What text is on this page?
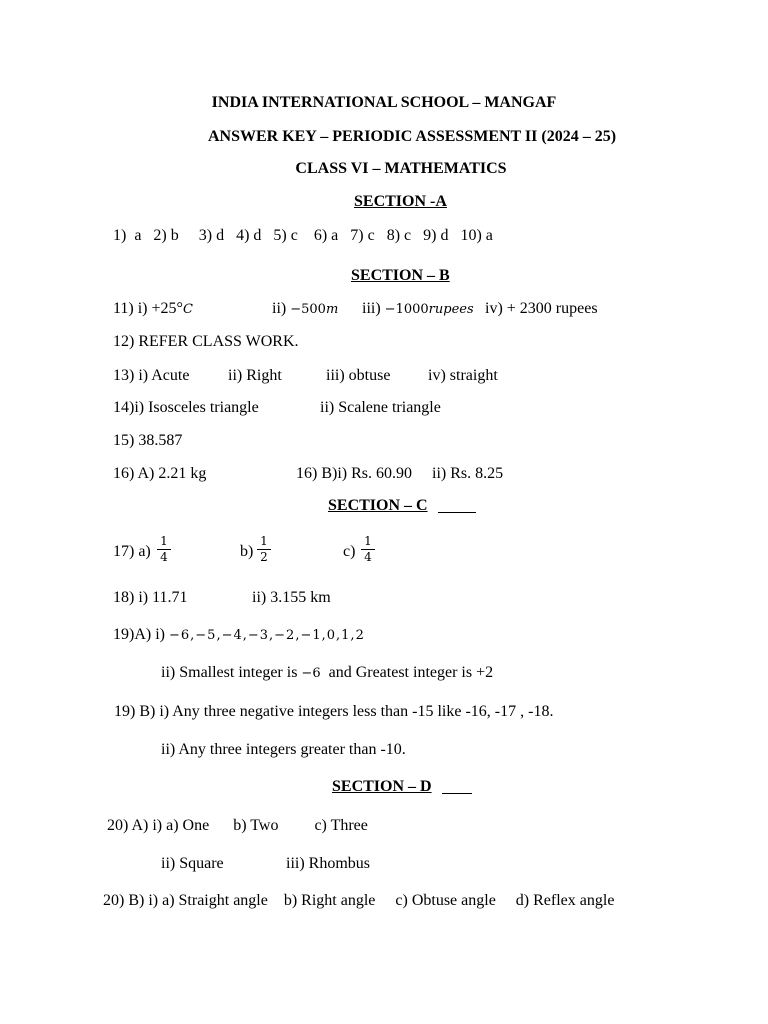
INDIA INTERNATIONAL SCHOOL – MANGAF
ANSWER KEY – PERIODIC ASSESSMENT II (2024 – 25)
CLASS VI – MATHEMATICS
SECTION -A
1)  a   2) b     3) d   4) d   5) c    6) a   7) c   8) c   9) d   10) a
SECTION – B
11) i) +25°C	ii) −500m iii) −1000rupees iv) + 2300 rupees
12) REFER CLASS WORK.
13) i) Acute ii) Right	iii) obtuse iv) straight
14)i) Isosceles triangle	ii) Scalene triangle
15) 38.587
16) A) 2.21 kg	16) B)i) Rs. 60.90     ii) Rs. 8.25
SECTION – C
17) a)
1
4	b)
1
2	c)
1
4
18) i) 11.71	ii) 3.155 km
19)A) i) −6,−5,−4,−3,−2,−1,0,1,2
ii) Smallest integer is −6  and Greatest integer is +2
19) B) i) Any three negative integers less than -15 like -16, -17 , -18.
ii) Any three integers greater than -10.
SECTION – D
20) A) i) a) One      b) Two         c) Three
ii) Square	iii) Rhombus
20) B) i) a) Straight angle    b) Right angle     c) Obtuse angle     d) Reflex angle
